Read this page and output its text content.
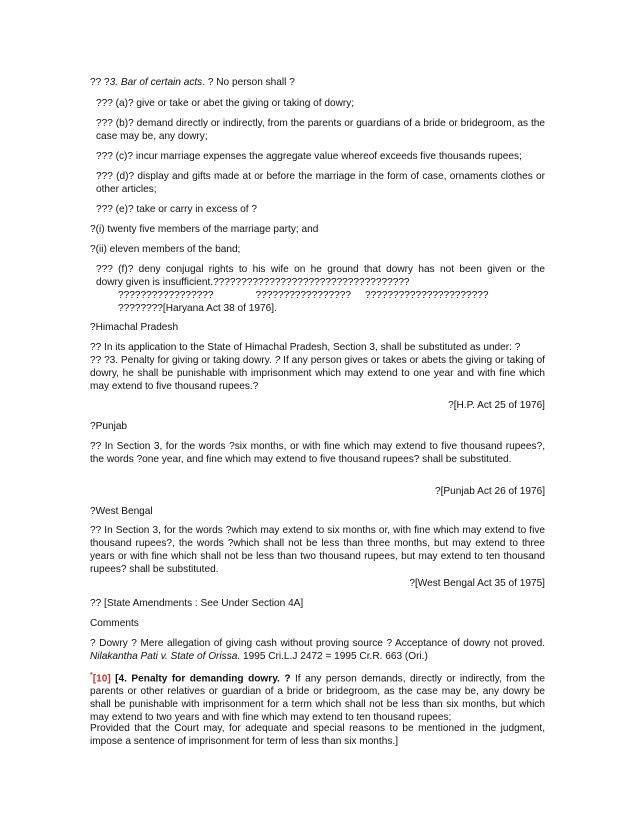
?? ?3. Bar of certain acts. ? No person shall ?
??? (a)? give or take or abet the giving or taking of dowry;
??? (b)? demand directly or indirectly, from the parents or guardians of a bride or bridegroom, as the case may be, any dowry;
??? (c)? incur marriage expenses the aggregate value whereof exceeds five thousands rupees;
??? (d)? display and gifts made at or before the marriage in the form of case, ornaments clothes or other articles;
??? (e)? take or carry in excess of ?
?(i) twenty five members of the marriage party; and
?(ii) eleven members of the band;
??? (f)? deny conjugal rights to his wife on he ground that dowry has not been given or the
dowry given is insufficient.???????????????????????????????????
?????????????????               ?????????????????     ??????????????????????
????????[Haryana Act 38 of 1976].
?Himachal Pradesh
?? In its application to the State of Himachal Pradesh, Section 3, shall be substituted as under: ?
?? ?3. Penalty for giving or taking dowry. ? If any person gives or takes or abets the giving or taking of dowry, he shall be punishable with imprisonment which may extend to one year and with fine which may extend to five thousand rupees.?
?[H.P. Act 25 of 1976]
?Punjab
?? In Section 3, for the words ?six months, or with fine which may extend to five thousand rupees?, the words ?one year, and fine which may extend to five thousand rupees? shall be substituted.
?[Punjab Act 26 of 1976]
?West Bengal
?? In Section 3, for the words ?which may extend to six months or, with fine which may extend to five thousand rupees?, the words ?which shall not be less than three months, but may extend to three years or with fine which shall not be less than two thousand rupees, but may extend to ten thousand rupees? shall be substituted.
?[West Bengal Act 35 of 1975]
?? [State Amendments : See Under Section 4A]
Comments
? Dowry ? Mere allegation of giving cash without proving source ? Acceptance of dowry not proved. Nilakantha Pati v. State of Orissa. 1995 Cri.L.J 2472 = 1995 Cr.R. 663 (Ori.)
*[10] [4. Penalty for demanding dowry. ? If any person demands, directly or indirectly, from the parents or other relatives or guardian of a bride or bridegroom, as the case may be, any dowry be shall be punishable with imprisonment for a term which shall not be less than six months, but which may extend to two years and with fine which may extend to ten thousand rupees;
Provided that the Court may, for adequate and special reasons to be mentioned in the judgment, impose a sentence of imprisonment for term of less than six months.]
